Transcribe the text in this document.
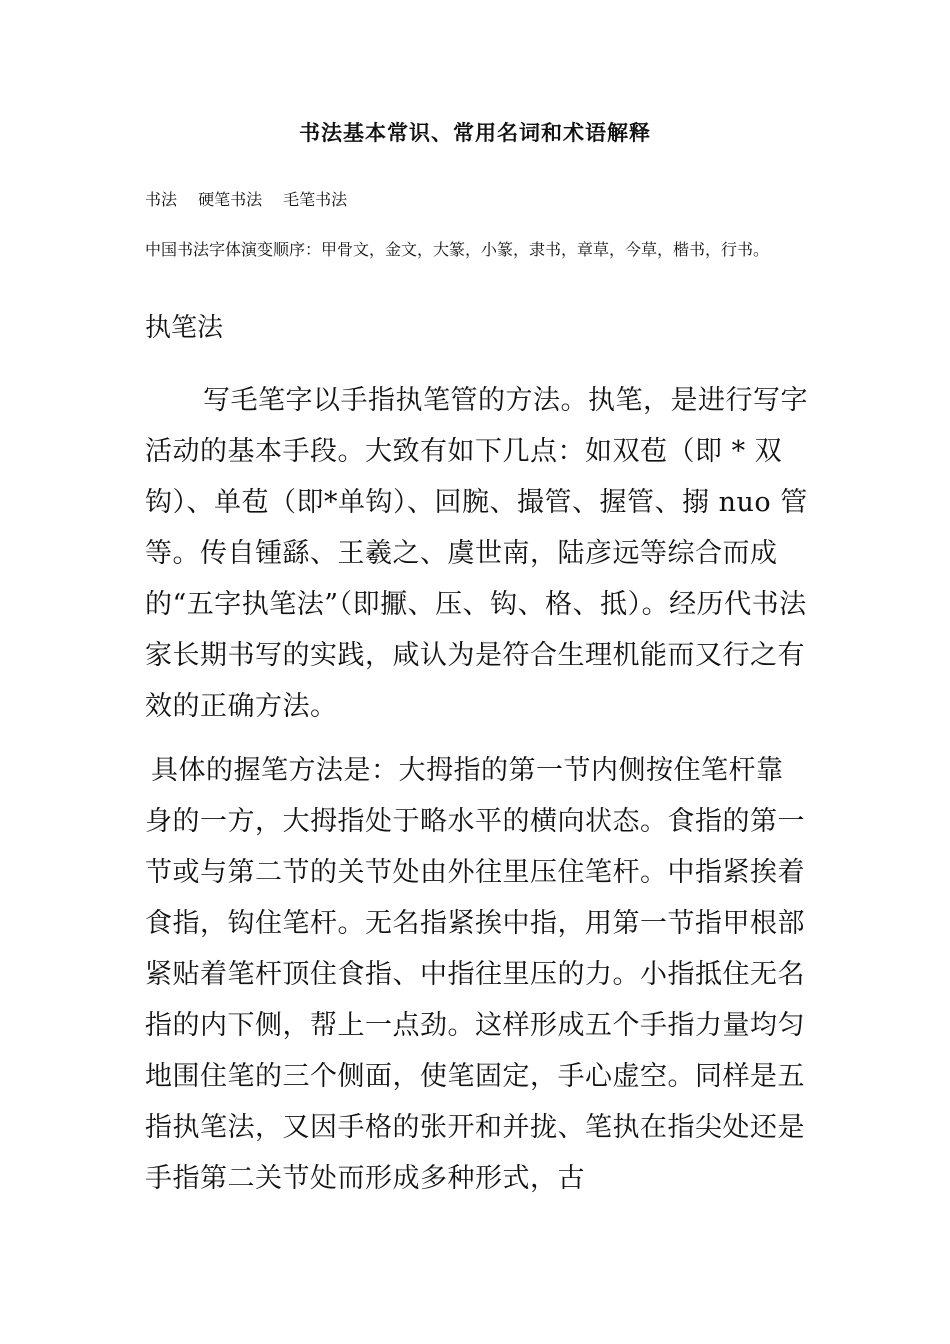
书法基本常识、常用名词和术语解释
书法　 硬笔书法　 毛笔书法
中国书法字体演变顺序：甲骨文，金文，大篆，小篆，隶书，章草，今草，楷书，行书。
执笔法
写毛笔字以手指执笔管的方法。执笔，是进行写字活动的基本手段。大致有如下几点：如双苞（即 * 双钩）、单苞（即*单钩）、回腕、撮管、握管、搦 nuo 管等。传自锺繇、王羲之、虞世南，陆彦远等综合而成的“五字执笔法”（即擫、压、钩、格、抵）。经历代书法家长期书写的实践，咸认为是符合生理机能而又行之有效的正确方法。
具体的握笔方法是：大拇指的第一节内侧按住笔杆靠身的一方，大拇指处于略水平的横向状态。食指的第一节或与第二节的关节处由外往里压住笔杆。中指紧挨着食指，钩住笔杆。无名指紧挨中指，用第一节指甲根部紧贴着笔杆顶住食指、中指往里压的力。小指抵住无名指的内下侧，帮上一点劲。这样形成五个手指力量均匀地围住笔的三个侧面，使笔固定，手心虚空。同样是五指执笔法，又因手格的张开和并拢、笔执在指尖处还是手指第二关节处而形成多种形式，古
